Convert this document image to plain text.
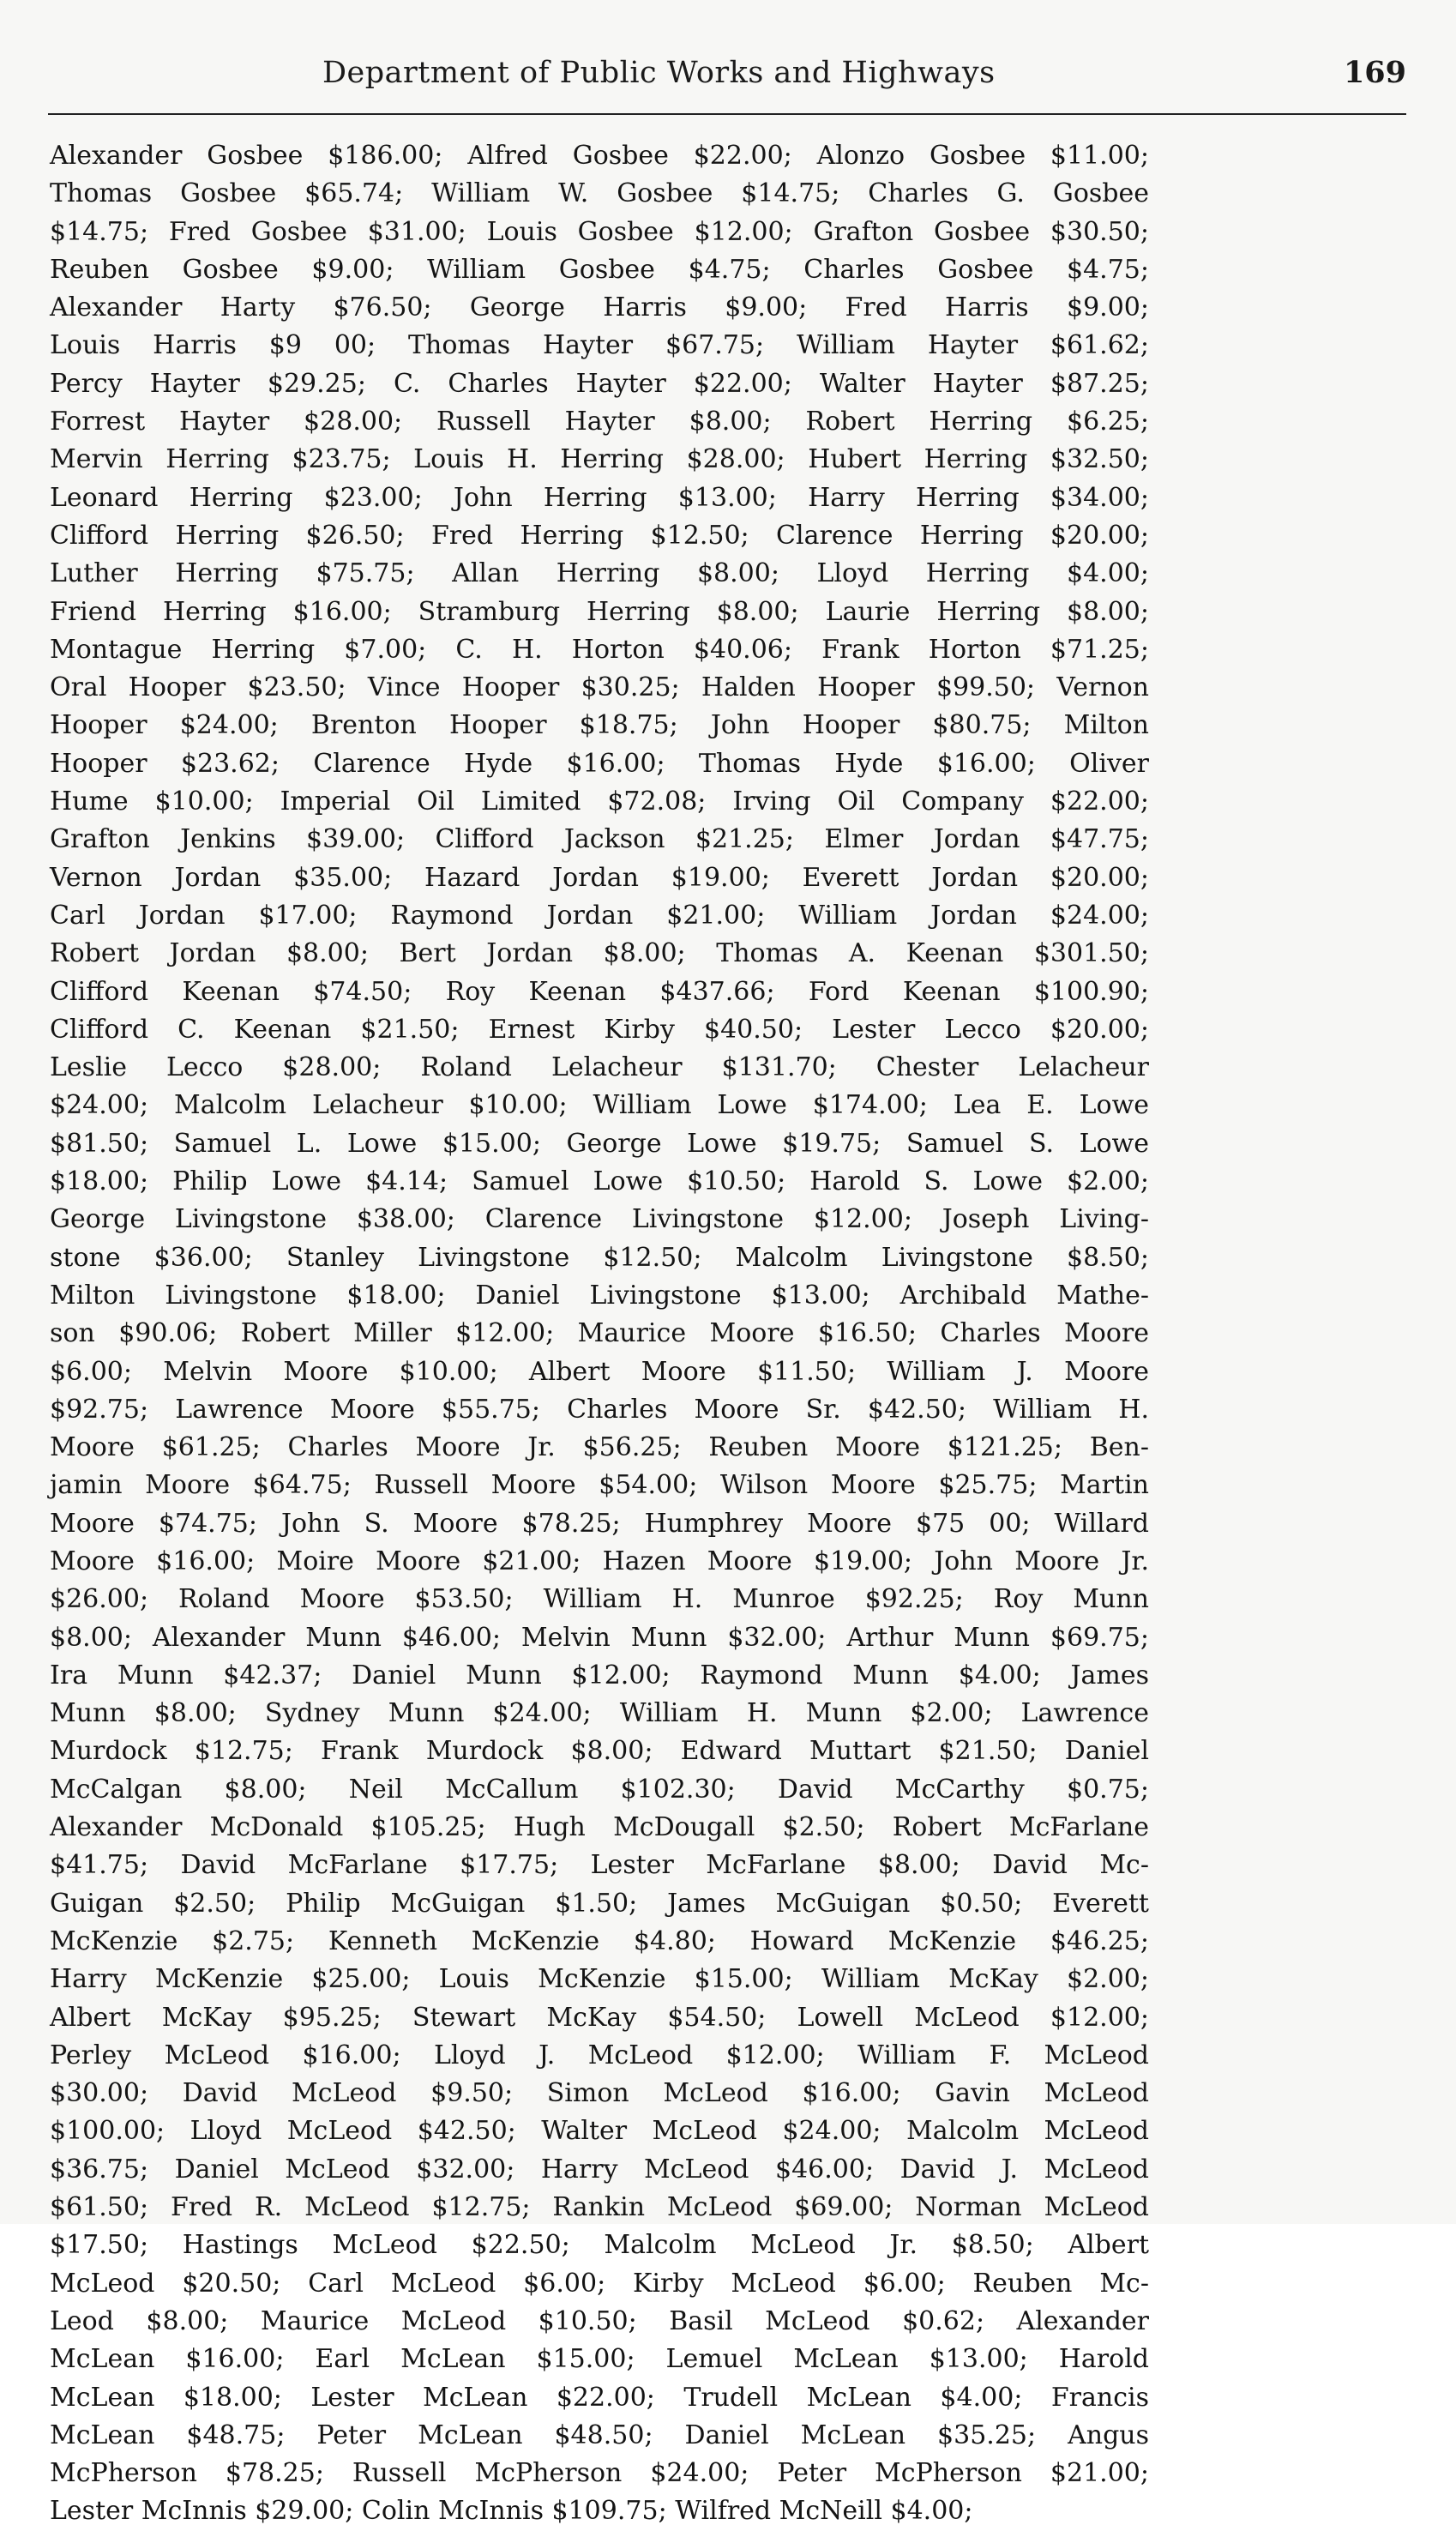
Department of Public Works and Highways	169
Alexander Gosbee $186.00; Alfred Gosbee $22.00; Alonzo Gosbee $11.00;
Thomas Gosbee $65.74; William W. Gosbee $14.75; Charles G. Gosbee
$14.75; Fred Gosbee $31.00; Louis Gosbee $12.00; Grafton Gosbee $30.50;
Reuben Gosbee $9.00; William Gosbee $4.75; Charles Gosbee $4.75;
Alexander Harty $76.50; George Harris $9.00; Fred Harris $9.00;
Louis Harris $9 00; Thomas Hayter $67.75; William Hayter $61.62;
Percy Hayter $29.25; C. Charles Hayter $22.00; Walter Hayter $87.25;
Forrest Hayter $28.00; Russell Hayter $8.00; Robert Herring $6.25;
Mervin Herring $23.75; Louis H. Herring $28.00; Hubert Herring $32.50;
Leonard Herring $23.00; John Herring $13.00; Harry Herring $34.00;
Clifford Herring $26.50; Fred Herring $12.50; Clarence Herring $20.00;
Luther Herring $75.75; Allan Herring $8.00; Lloyd Herring $4.00;
Friend Herring $16.00; Stramburg Herring $8.00; Laurie Herring $8.00;
Montague Herring $7.00; C. H. Horton $40.06; Frank Horton $71.25;
Oral Hooper $23.50; Vince Hooper $30.25; Halden Hooper $99.50; Vernon
Hooper $24.00; Brenton Hooper $18.75; John Hooper $80.75; Milton
Hooper $23.62; Clarence Hyde $16.00; Thomas Hyde $16.00; Oliver
Hume $10.00; Imperial Oil Limited $72.08; Irving Oil Company $22.00;
Grafton Jenkins $39.00; Clifford Jackson $21.25; Elmer Jordan $47.75;
Vernon Jordan $35.00; Hazard Jordan $19.00; Everett Jordan $20.00;
Carl Jordan $17.00; Raymond Jordan $21.00; William Jordan $24.00;
Robert Jordan $8.00; Bert Jordan $8.00; Thomas A. Keenan $301.50;
Clifford Keenan $74.50; Roy Keenan $437.66; Ford Keenan $100.90;
Clifford C. Keenan $21.50; Ernest Kirby $40.50; Lester Lecco $20.00;
Leslie Lecco $28.00; Roland Lelacheur $131.70; Chester Lelacheur
$24.00; Malcolm Lelacheur $10.00; William Lowe $174.00; Lea E. Lowe
$81.50; Samuel L. Lowe $15.00; George Lowe $19.75; Samuel S. Lowe
$18.00; Philip Lowe $4.14; Samuel Lowe $10.50; Harold S. Lowe $2.00;
George Livingstone $38.00; Clarence Livingstone $12.00; Joseph Living-
stone $36.00; Stanley Livingstone $12.50; Malcolm Livingstone $8.50;
Milton Livingstone $18.00; Daniel Livingstone $13.00; Archibald Mathe-
son $90.06; Robert Miller $12.00; Maurice Moore $16.50; Charles Moore
$6.00; Melvin Moore $10.00; Albert Moore $11.50; William J. Moore
$92.75; Lawrence Moore $55.75; Charles Moore Sr. $42.50; William H.
Moore $61.25; Charles Moore Jr. $56.25; Reuben Moore $121.25; Ben-
jamin Moore $64.75; Russell Moore $54.00; Wilson Moore $25.75; Martin
Moore $74.75; John S. Moore $78.25; Humphrey Moore $75 00; Willard
Moore $16.00; Moire Moore $21.00; Hazen Moore $19.00; John Moore Jr.
$26.00; Roland Moore $53.50; William H. Munroe $92.25; Roy Munn
$8.00; Alexander Munn $46.00; Melvin Munn $32.00; Arthur Munn $69.75;
Ira Munn $42.37; Daniel Munn $12.00; Raymond Munn $4.00; James
Munn $8.00; Sydney Munn $24.00; William H. Munn $2.00; Lawrence
Murdock $12.75; Frank Murdock $8.00; Edward Muttart $21.50; Daniel
McCalgan $8.00; Neil McCallum $102.30; David McCarthy $0.75;
Alexander McDonald $105.25; Hugh McDougall $2.50; Robert McFarlane
$41.75; David McFarlane $17.75; Lester McFarlane $8.00; David Mc-
Guigan $2.50; Philip McGuigan $1.50; James McGuigan $0.50; Everett
McKenzie $2.75; Kenneth McKenzie $4.80; Howard McKenzie $46.25;
Harry McKenzie $25.00; Louis McKenzie $15.00; William McKay $2.00;
Albert McKay $95.25; Stewart McKay $54.50; Lowell McLeod $12.00;
Perley McLeod $16.00; Lloyd J. McLeod $12.00; William F. McLeod
$30.00; David McLeod $9.50; Simon McLeod $16.00; Gavin McLeod
$100.00; Lloyd McLeod $42.50; Walter McLeod $24.00; Malcolm McLeod
$36.75; Daniel McLeod $32.00; Harry McLeod $46.00; David J. McLeod
$61.50; Fred R. McLeod $12.75; Rankin McLeod $69.00; Norman McLeod
$17.50; Hastings McLeod $22.50; Malcolm McLeod Jr. $8.50; Albert
McLeod $20.50; Carl McLeod $6.00; Kirby McLeod $6.00; Reuben Mc-
Leod $8.00; Maurice McLeod $10.50; Basil McLeod $0.62; Alexander
McLean $16.00; Earl McLean $15.00; Lemuel McLean $13.00; Harold
McLean $18.00; Lester McLean $22.00; Trudell McLean $4.00; Francis
McLean $48.75; Peter McLean $48.50; Daniel McLean $35.25; Angus
McPherson $78.25; Russell McPherson $24.00; Peter McPherson $21.00;
Lester McInnis $29.00; Colin McInnis $109.75; Wilfred McNeill $4.00;
